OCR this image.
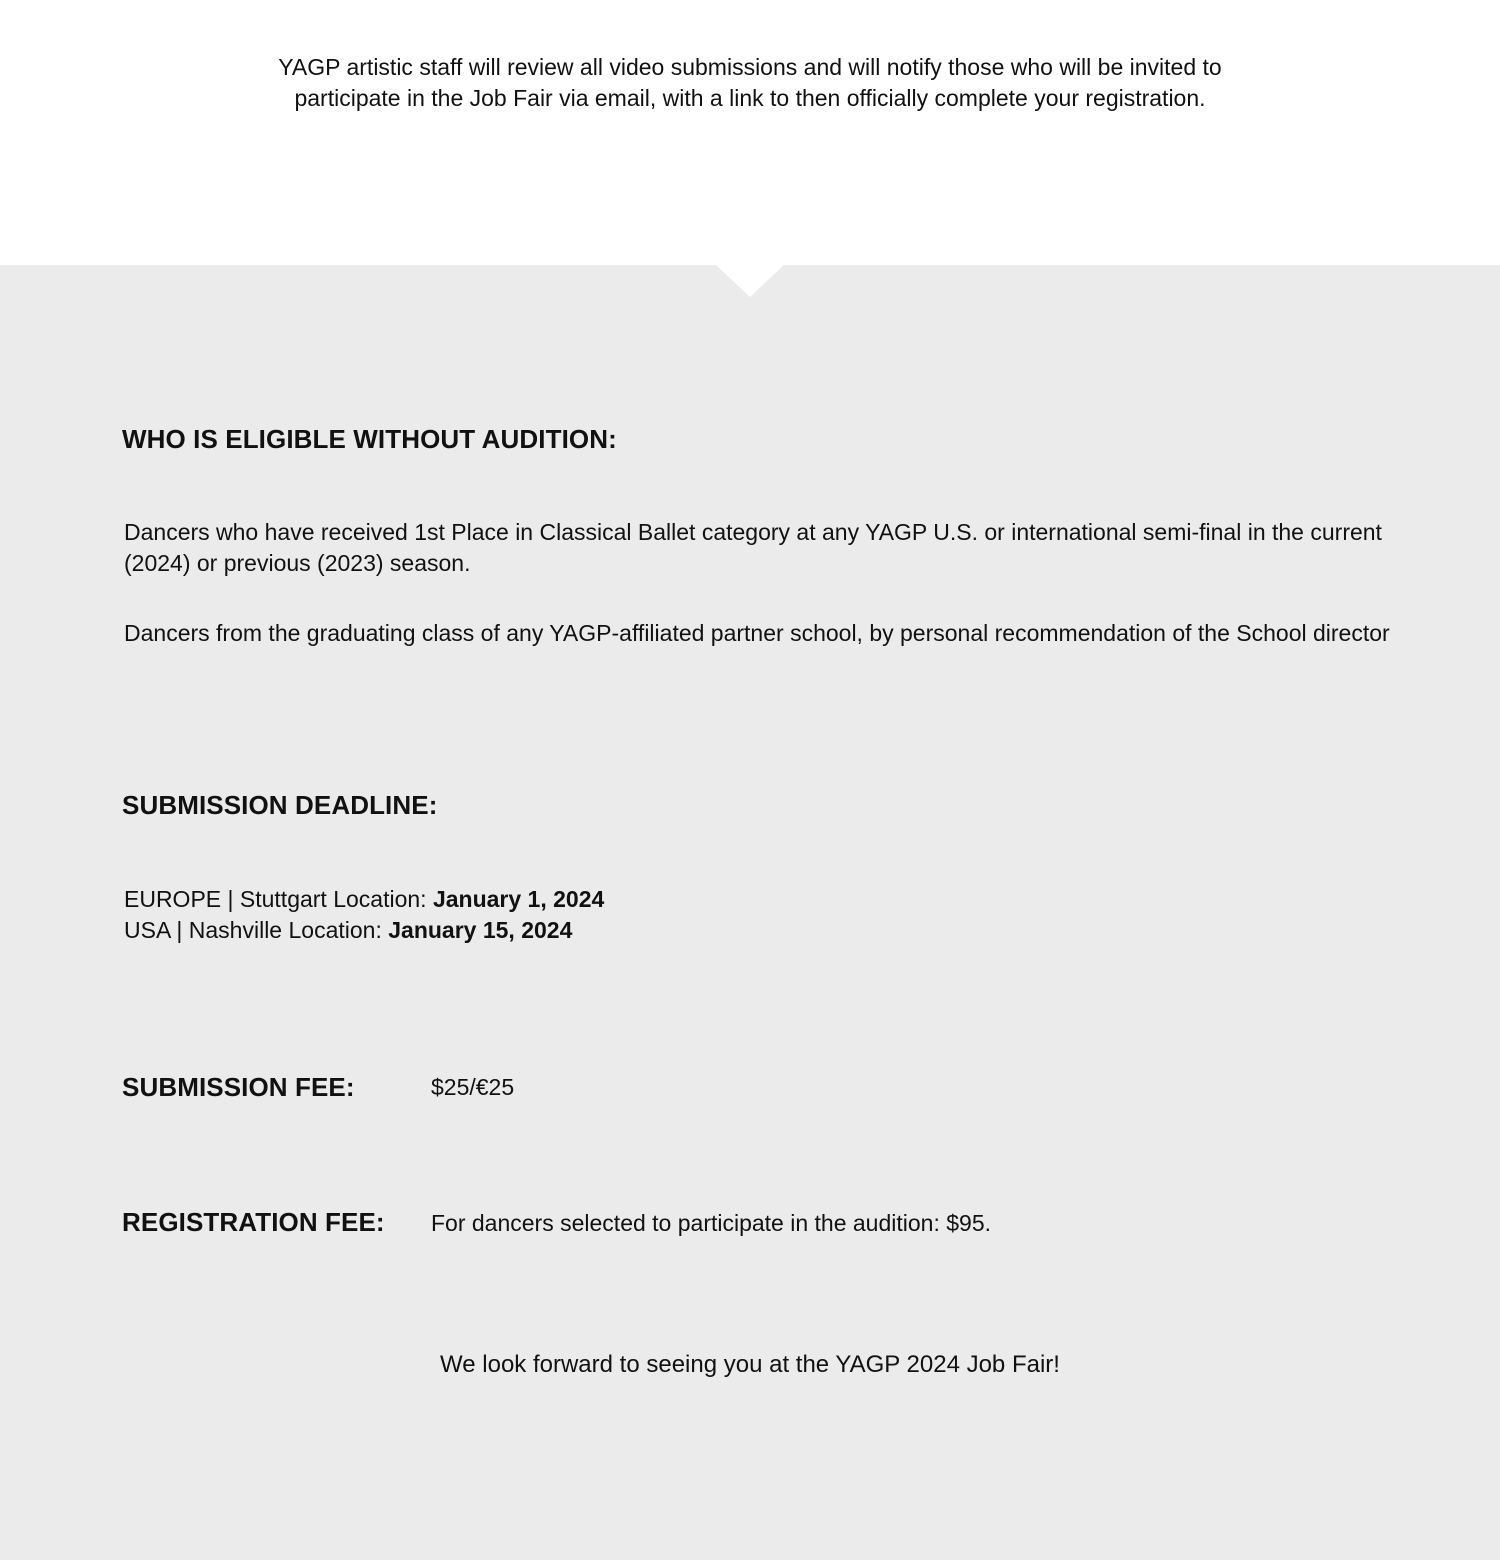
YAGP artistic staff will review all video submissions and will notify those who will be invited to
participate in the Job Fair via email, with a link to then officially complete your registration.

WHO IS ELIGIBLE WITHOUT AUDITION:

Dancers who have received 1st Place in Classical Ballet category at any YAGP U.S. or international semi-final in the current (2024) or previous (2023) season.

Dancers from the graduating class of any YAGP-affiliated partner school, by personal recommendation of the School director

SUBMISSION DEADLINE:

EUROPE | Stuttgart Location: January 1, 2024

USA | Nashville Location: January 15, 2024

SUBMISSION FEE:	$25/€25

REGISTRATION FEE: For dancers selected to participate in the audition: $95.

We look forward to seeing you at the YAGP 2024 Job Fair!
